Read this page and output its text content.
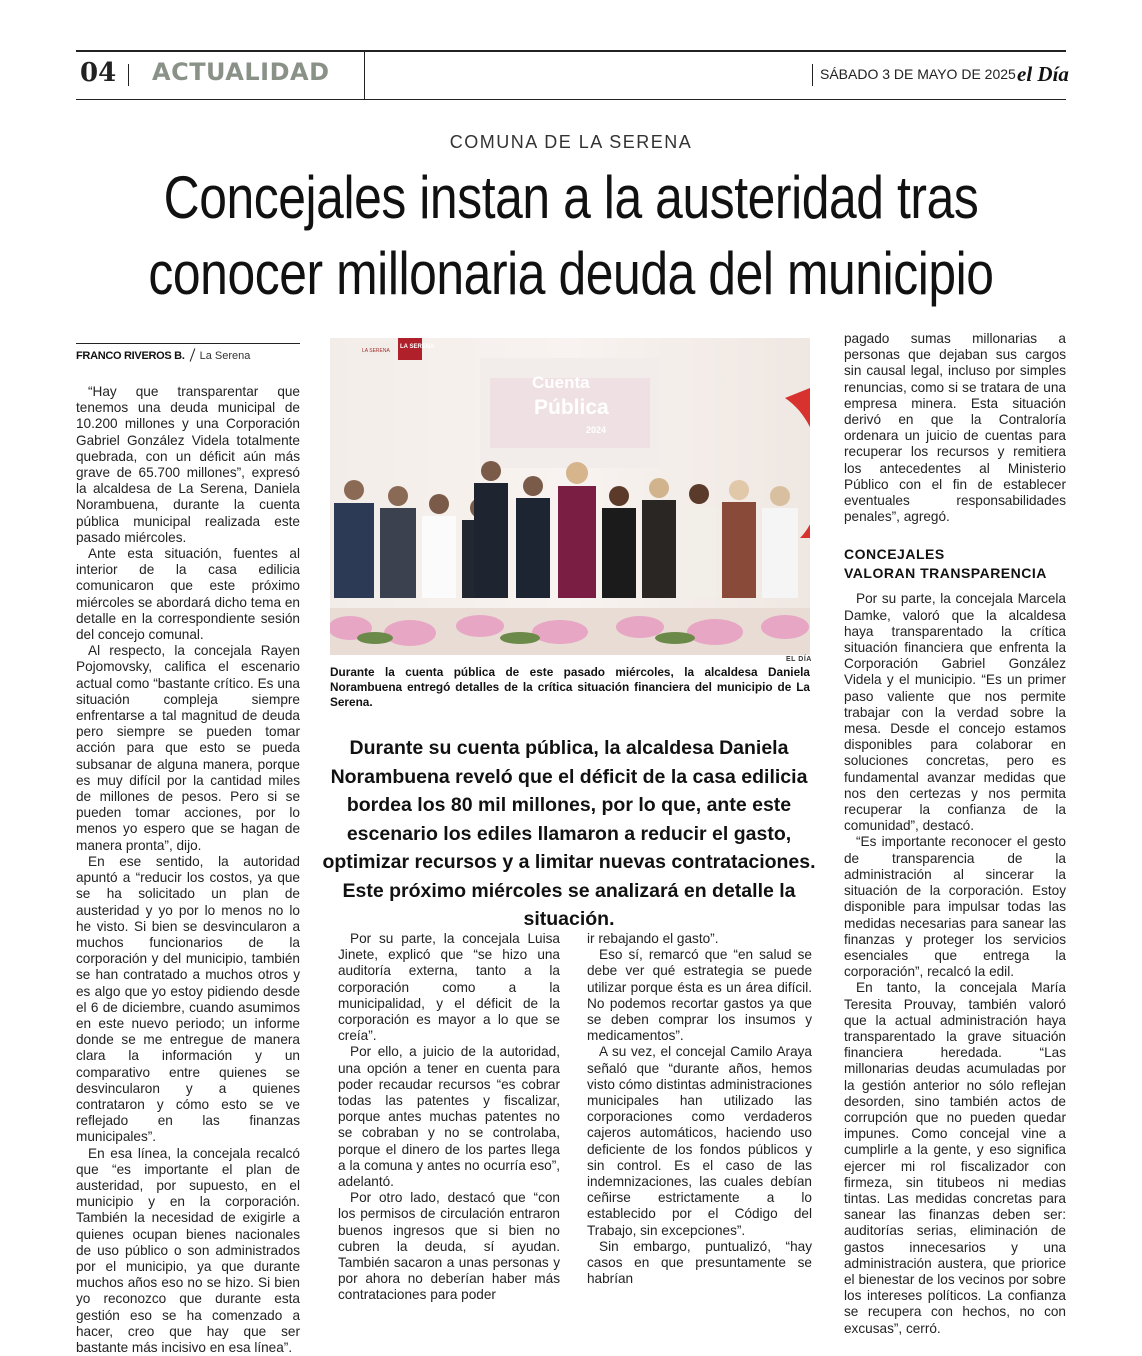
04 ACTUALIDAD	SÁBADO 3 DE MAYO DE 2025 el Día
COMUNA DE LA SERENA
Concejales instan a la austeridad tras
conocer millonaria deuda del municipio
FRANCO RIVEROS B. La Serena

“Hay que transparentar que tenemos una deuda municipal de 10.200 millones y una Corporación Gabriel González Videla totalmente quebrada, con un déficit aún más grave de 65.700 millones”, expresó la alcaldesa de La Serena, Daniela Norambuena, durante la cuenta pública municipal realizada este pasado miércoles.

Ante esta situación, fuentes al interior de la casa edilicia comunicaron que este próximo miércoles se abordará dicho tema en detalle en la correspondiente sesión del concejo comunal.

Al respecto, la concejala Rayen Pojomovsky, califica el escenario actual como “bastante crítico. Es una situación compleja siempre enfrentarse a tal magnitud de deuda pero siempre se pueden tomar acción para que esto se pueda subsanar de alguna manera, porque es muy difícil por la cantidad miles de millones de pesos. Pero si se pueden tomar acciones, por lo menos yo espero que se hagan de manera pronta”, dijo.

En ese sentido, la autoridad apuntó a “reducir los costos, ya que se ha solicitado un plan de austeridad y yo por lo menos no lo he visto. Si bien se desvincularon a muchos funcionarios de la corporación y del municipio, también se han contratado a muchos otros y es algo que yo estoy pidiendo desde el 6 de diciembre, cuando asumimos en este nuevo periodo; un informe donde se me entregue de manera clara la información y un comparativo entre quienes se desvincularon y a quienes contrataron y cómo esto se ve reflejado en las finanzas municipales”.

En esa línea, la concejala recalcó que “es importante el plan de austeridad, por supuesto, en el municipio y en la corporación. También la necesidad de exigirle a quienes ocupan bienes nacionales de uso público o son administrados por el municipio, ya que durante muchos años eso no se hizo. Si bien yo reconozco que durante esta gestión eso se ha comenzado a hacer, creo que hay que ser bastante más incisivo en esa línea”.

LA SERENA
LA SERENA
Cuenta
Pública
2024
EL DÍA
Durante la cuenta pública de este pasado miércoles, la alcaldesa Daniela Norambuena entregó detalles de la crítica situación financiera del municipio de La Serena.
Durante su cuenta pública, la alcaldesa Daniela Norambuena reveló que el déficit de la casa edilicia bordea los 80 mil millones, por lo que, ante este escenario los ediles llamaron a reducir el gasto, optimizar recursos y a limitar nuevas contrataciones. Este próximo miércoles se analizará en detalle la situación.

Por su parte, la concejala Luisa Jinete, explicó que “se hizo una auditoría externa, tanto a la corporación como a la municipalidad, y el déficit de la corporación es mayor a lo que se creía”.

Por ello, a juicio de la autoridad, una opción a tener en cuenta para poder recaudar recursos “es cobrar todas las patentes y fiscalizar, porque antes muchas patentes no se cobraban y no se controlaba, porque el dinero de los partes llega a la comuna y antes no ocurría eso”, adelantó.

Por otro lado, destacó que “con los permisos de circulación entraron buenos ingresos que si bien no cubren la deuda, sí ayudan. También sacaron a unas personas y por ahora no deberían haber más contrataciones para poder

ir rebajando el gasto”.

Eso sí, remarcó que “en salud se debe ver qué estrategia se puede utilizar porque ésta es un área difícil. No podemos recortar gastos ya que se deben comprar los insumos y medicamentos”.

A su vez, el concejal Camilo Araya señaló que “durante años, hemos visto cómo distintas administraciones municipales han utilizado las corporaciones como verdaderos cajeros automáticos, haciendo uso deficiente de los fondos públicos y sin control. Es el caso de las indemnizaciones, las cuales debían ceñirse estrictamente a lo establecido por el Código del Trabajo, sin excepciones”.

Sin embargo, puntualizó, “hay casos en que presuntamente se habrían

pagado sumas millonarias a personas que dejaban sus cargos sin causal legal, incluso por simples renuncias, como si se tratara de una empresa minera. Esta situación derivó en que la Contraloría ordenara un juicio de cuentas para recuperar los recursos y remitiera los antecedentes al Ministerio Público con el fin de establecer eventuales responsabilidades penales”, agregó.

CONCEJALES
VALORAN TRANSPARENCIA

Por su parte, la concejala Marcela Damke, valoró que la alcaldesa haya transparentado la crítica situación financiera que enfrenta la Corporación Gabriel González Videla y el municipio. “Es un primer paso valiente que nos permite trabajar con la verdad sobre la mesa. Desde el concejo estamos disponibles para colaborar en soluciones concretas, pero es fundamental avanzar medidas que nos den certezas y nos permita recuperar la confianza de la comunidad”, destacó.

“Es importante reconocer el gesto de transparencia de la administración al sincerar la situación de la corporación. Estoy disponible para impulsar todas las medidas necesarias para sanear las finanzas y proteger los servicios esenciales que entrega la corporación”, recalcó la edil.

En tanto, la concejala María Teresita Prouvay, también valoró que la actual administración haya transparentado la grave situación financiera heredada. “Las millonarias deudas acumuladas por la gestión anterior no sólo reflejan desorden, sino también actos de corrupción que no pueden quedar impunes. Como concejal vine a cumplirle a la gente, y eso significa ejercer mi rol fiscalizador con firmeza, sin titubeos ni medias tintas. Las medidas concretas para sanear las finanzas deben ser: auditorías serias, eliminación de gastos innecesarios y una administración austera, que priorice el bienestar de los vecinos por sobre los intereses políticos. La confianza se recupera con hechos, no con excusas”, cerró.
